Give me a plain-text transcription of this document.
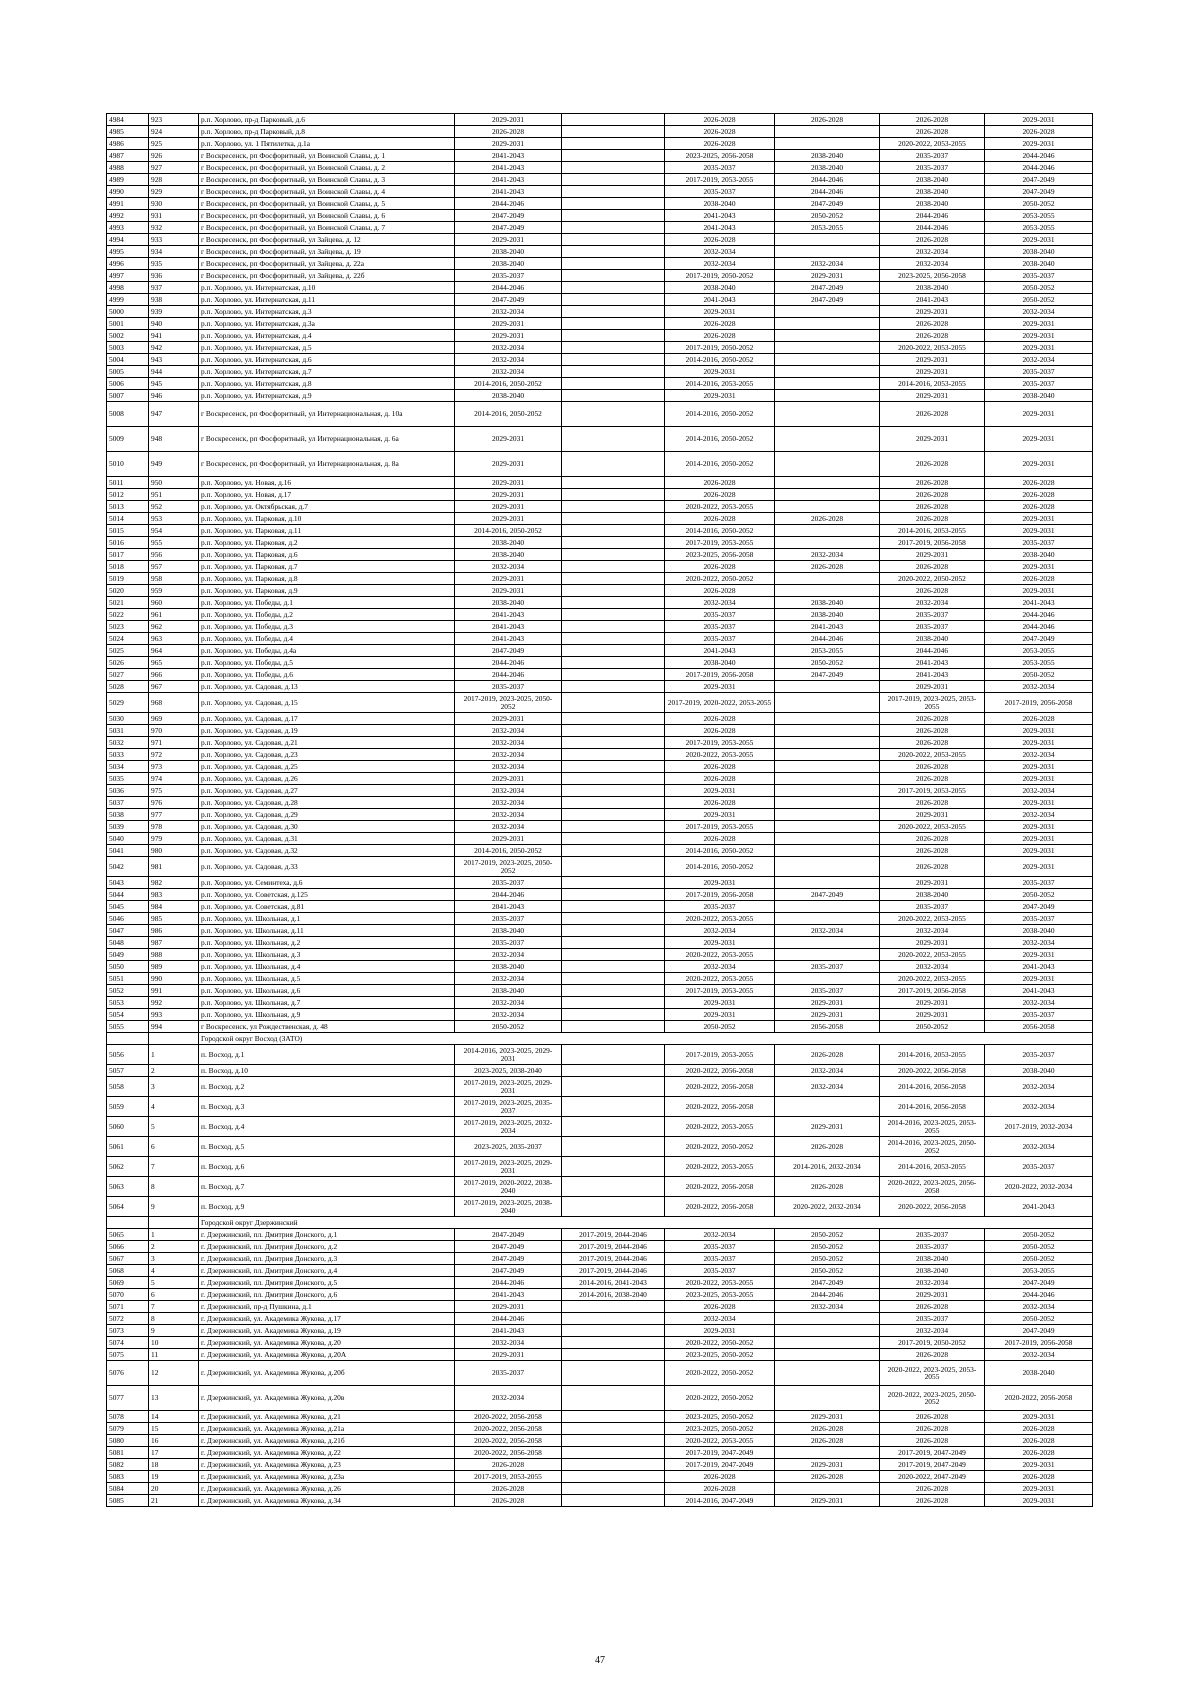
4984	923	р.п. Хорлово, пр-д Парковый, д.6	2029-2031		2026-2028	2026-2028	2026-2028	2029-2031
4985	924	р.п. Хорлово, пр-д Парковый, д.8	2026-2028		2026-2028		2026-2028	2026-2028
4986	925	р.п. Хорлово, ул. 1 Пятилетка, д.1а	2029-2031		2026-2028		2020-2022, 2053-2055	2029-2031
4987	926	г Воскресенск, рп Фосфоритный, ул Воинской Славы, д. 1	2041-2043		2023-2025, 2056-2058	2038-2040	2035-2037	2044-2046
4988	927	г Воскресенск, рп Фосфоритный, ул Воинской Славы, д. 2	2041-2043		2035-2037	2038-2040	2035-2037	2044-2046
4989	928	г Воскресенск, рп Фосфоритный, ул Воинской Славы, д. 3	2041-2043		2017-2019, 2053-2055	2044-2046	2038-2040	2047-2049
4990	929	г Воскресенск, рп Фосфоритный, ул Воинской Славы, д. 4	2041-2043		2035-2037	2044-2046	2038-2040	2047-2049
4991	930	г Воскресенск, рп Фосфоритный, ул Воинской Славы, д. 5	2044-2046		2038-2040	2047-2049	2038-2040	2050-2052
4992	931	г Воскресенск, рп Фосфоритный, ул Воинской Славы, д. 6	2047-2049		2041-2043	2050-2052	2044-2046	2053-2055
4993	932	г Воскресенск, рп Фосфоритный, ул Воинской Славы, д. 7	2047-2049		2041-2043	2053-2055	2044-2046	2053-2055
4994	933	г Воскресенск, рп Фосфоритный, ул Зайцева, д. 12	2029-2031		2026-2028		2026-2028	2029-2031
4995	934	г Воскресенск, рп Фосфоритный, ул Зайцева, д. 19	2038-2040		2032-2034		2032-2034	2038-2040
4996	935	г Воскресенск, рп Фосфоритный, ул Зайцева, д. 22а	2038-2040		2032-2034	2032-2034	2032-2034	2038-2040
4997	936	г Воскресенск, рп Фосфоритный, ул Зайцева, д. 22б	2035-2037		2017-2019, 2050-2052	2029-2031	2023-2025, 2056-2058	2035-2037
4998	937	р.п. Хорлово, ул. Интернатская, д.10	2044-2046		2038-2040	2047-2049	2038-2040	2050-2052
4999	938	р.п. Хорлово, ул. Интернатская, д.11	2047-2049		2041-2043	2047-2049	2041-2043	2050-2052
5000	939	р.п. Хорлово, ул. Интернатская, д.3	2032-2034		2029-2031		2029-2031	2032-2034
5001	940	р.п. Хорлово, ул. Интернатская, д.3а	2029-2031		2026-2028		2026-2028	2029-2031
5002	941	р.п. Хорлово, ул. Интернатская, д.4	2029-2031		2026-2028		2026-2028	2029-2031
5003	942	р.п. Хорлово, ул. Интернатская, д.5	2032-2034		2017-2019, 2050-2052		2020-2022, 2053-2055	2029-2031
5004	943	р.п. Хорлово, ул. Интернатская, д.6	2032-2034		2014-2016, 2050-2052		2029-2031	2032-2034
5005	944	р.п. Хорлово, ул. Интернатская, д.7	2032-2034		2029-2031		2029-2031	2035-2037
5006	945	р.п. Хорлово, ул. Интернатская, д.8	2014-2016, 2050-2052		2014-2016, 2053-2055		2014-2016, 2053-2055	2035-2037
5007	946	р.п. Хорлово, ул. Интернатская, д.9	2038-2040		2029-2031		2029-2031	2038-2040
5008	947	г Воскресенск, рп Фосфоритный, ул Интернациональная, д. 10а	2014-2016, 2050-2052		2014-2016, 2050-2052		2026-2028	2029-2031
5009	948	г Воскресенск, рп Фосфоритный, ул Интернациональная, д. 6а	2029-2031		2014-2016, 2050-2052		2029-2031	2029-2031
5010	949	г Воскресенск, рп Фосфоритный, ул Интернациональная, д. 8а	2029-2031		2014-2016, 2050-2052		2026-2028	2029-2031
5011	950	р.п. Хорлово, ул. Новая, д.16	2029-2031		2026-2028		2026-2028	2026-2028
5012	951	р.п. Хорлово, ул. Новая, д.17	2029-2031		2026-2028		2026-2028	2026-2028
5013	952	р.п. Хорлово, ул. Октябрьская, д.7	2029-2031		2020-2022, 2053-2055		2026-2028	2026-2028
5014	953	р.п. Хорлово, ул. Парковая, д.10	2029-2031		2026-2028	2026-2028	2026-2028	2029-2031
5015	954	р.п. Хорлово, ул. Парковая, д.11	2014-2016, 2050-2052		2014-2016, 2050-2052		2014-2016, 2053-2055	2029-2031
5016	955	р.п. Хорлово, ул. Парковая, д.2	2038-2040		2017-2019, 2053-2055		2017-2019, 2056-2058	2035-2037
5017	956	р.п. Хорлово, ул. Парковая, д.6	2038-2040		2023-2025, 2056-2058	2032-2034	2029-2031	2038-2040
5018	957	р.п. Хорлово, ул. Парковая, д.7	2032-2034		2026-2028	2026-2028	2026-2028	2029-2031
5019	958	р.п. Хорлово, ул. Парковая, д.8	2029-2031		2020-2022, 2050-2052		2020-2022, 2050-2052	2026-2028
5020	959	р.п. Хорлово, ул. Парковая, д.9	2029-2031		2026-2028		2026-2028	2029-2031
5021	960	р.п. Хорлово, ул. Победы, д.1	2038-2040		2032-2034	2038-2040	2032-2034	2041-2043
5022	961	р.п. Хорлово, ул. Победы, д.2	2041-2043		2035-2037	2038-2040	2035-2037	2044-2046
5023	962	р.п. Хорлово, ул. Победы, д.3	2041-2043		2035-2037	2041-2043	2035-2037	2044-2046
5024	963	р.п. Хорлово, ул. Победы, д.4	2041-2043		2035-2037	2044-2046	2038-2040	2047-2049
5025	964	р.п. Хорлово, ул. Победы, д.4а	2047-2049		2041-2043	2053-2055	2044-2046	2053-2055
5026	965	р.п. Хорлово, ул. Победы, д.5	2044-2046		2038-2040	2050-2052	2041-2043	2053-2055
5027	966	р.п. Хорлово, ул. Победы, д.6	2044-2046		2017-2019, 2056-2058	2047-2049	2041-2043	2050-2052
5028	967	р.п. Хорлово, ул. Садовая, д.13	2035-2037		2029-2031		2029-2031	2032-2034
5029	968	р.п. Хорлово, ул. Садовая, д.15	2017-2019, 2023-2025, 2050-2052		2017-2019, 2020-2022, 2053-2055		2017-2019, 2023-2025, 2053-2055	2017-2019, 2056-2058
5030	969	р.п. Хорлово, ул. Садовая, д.17	2029-2031		2026-2028		2026-2028	2026-2028
5031	970	р.п. Хорлово, ул. Садовая, д.19	2032-2034		2026-2028		2026-2028	2029-2031
5032	971	р.п. Хорлово, ул. Садовая, д.21	2032-2034		2017-2019, 2053-2055		2026-2028	2029-2031
5033	972	р.п. Хорлово, ул. Садовая, д.23	2032-2034		2020-2022, 2053-2055		2020-2022, 2053-2055	2032-2034
5034	973	р.п. Хорлово, ул. Садовая, д.25	2032-2034		2026-2028		2026-2028	2029-2031
5035	974	р.п. Хорлово, ул. Садовая, д.26	2029-2031		2026-2028		2026-2028	2029-2031
5036	975	р.п. Хорлово, ул. Садовая, д.27	2032-2034		2029-2031		2017-2019, 2053-2055	2032-2034
5037	976	р.п. Хорлово, ул. Садовая, д.28	2032-2034		2026-2028		2026-2028	2029-2031
5038	977	р.п. Хорлово, ул. Садовая, д.29	2032-2034		2029-2031		2029-2031	2032-2034
5039	978	р.п. Хорлово, ул. Садовая, д.30	2032-2034		2017-2019, 2053-2055		2020-2022, 2053-2055	2029-2031
5040	979	р.п. Хорлово, ул. Садовая, д.31	2029-2031		2026-2028		2026-2028	2029-2031
5041	980	р.п. Хорлово, ул. Садовая, д.32	2014-2016, 2050-2052		2014-2016, 2050-2052		2026-2028	2029-2031
5042	981	р.п. Хорлово, ул. Садовая, д.33	2017-2019, 2023-2025, 2050-2052		2014-2016, 2050-2052		2026-2028	2029-2031
5043	982	р.п. Хорлово, ул. Семинтеха, д.6	2035-2037		2029-2031		2029-2031	2035-2037
5044	983	р.п. Хорлово, ул. Советская, д.125	2044-2046		2017-2019, 2056-2058	2047-2049	2038-2040	2050-2052
5045	984	р.п. Хорлово, ул. Советская, д.81	2041-2043		2035-2037		2035-2037	2047-2049
5046	985	р.п. Хорлово, ул. Школьная, д.1	2035-2037		2020-2022, 2053-2055		2020-2022, 2053-2055	2035-2037
5047	986	р.п. Хорлово, ул. Школьная, д.11	2038-2040		2032-2034	2032-2034	2032-2034	2038-2040
5048	987	р.п. Хорлово, ул. Школьная, д.2	2035-2037		2029-2031		2029-2031	2032-2034
5049	988	р.п. Хорлово, ул. Школьная, д.3	2032-2034		2020-2022, 2053-2055		2020-2022, 2053-2055	2029-2031
5050	989	р.п. Хорлово, ул. Школьная, д.4	2038-2040		2032-2034	2035-2037	2032-2034	2041-2043
5051	990	р.п. Хорлово, ул. Школьная, д.5	2032-2034		2020-2022, 2053-2055		2020-2022, 2053-2055	2029-2031
5052	991	р.п. Хорлово, ул. Школьная, д.6	2038-2040		2017-2019, 2053-2055	2035-2037	2017-2019, 2056-2058	2041-2043
5053	992	р.п. Хорлово, ул. Школьная, д.7	2032-2034		2029-2031	2029-2031	2029-2031	2032-2034
5054	993	р.п. Хорлово, ул. Школьная, д.9	2032-2034		2029-2031	2029-2031	2029-2031	2035-2037
5055	994	г Воскресенск, ул Рождественская, д. 48	2050-2052		2050-2052	2056-2058	2050-2052	2056-2058
		Городской округ Восход (ЗАТО)						
5056	1	п. Восход, д.1	2014-2016, 2023-2025, 2029-2031		2017-2019, 2053-2055	2026-2028	2014-2016, 2053-2055	2035-2037
5057	2	п. Восход, д.10	2023-2025, 2038-2040		2020-2022, 2056-2058	2032-2034	2020-2022, 2056-2058	2038-2040
5058	3	п. Восход, д.2	2017-2019, 2023-2025, 2029-2031		2020-2022, 2056-2058	2032-2034	2014-2016, 2056-2058	2032-2034
5059	4	п. Восход, д.3	2017-2019, 2023-2025, 2035-2037		2020-2022, 2056-2058		2014-2016, 2056-2058	2032-2034
5060	5	п. Восход, д.4	2017-2019, 2023-2025, 2032-2034		2020-2022, 2053-2055	2029-2031	2014-2016, 2023-2025, 2053-2055	2017-2019, 2032-2034
5061	6	п. Восход, д.5	2023-2025, 2035-2037		2020-2022, 2050-2052	2026-2028	2014-2016, 2023-2025, 2050-2052	2032-2034
5062	7	п. Восход, д.6	2017-2019, 2023-2025, 2029-2031		2020-2022, 2053-2055	2014-2016, 2032-2034	2014-2016, 2053-2055	2035-2037
5063	8	п. Восход, д.7	2017-2019, 2020-2022, 2038-2040		2020-2022, 2056-2058	2026-2028	2020-2022, 2023-2025, 2056-2058	2020-2022, 2032-2034
5064	9	п. Восход, д.9	2017-2019, 2023-2025, 2038-2040		2020-2022, 2056-2058	2020-2022, 2032-2034	2020-2022, 2056-2058	2041-2043
		Городской округ Дзержинский						
5065	1	г. Дзержинский, пл. Дмитрия Донского, д.1	2047-2049	2017-2019, 2044-2046	2032-2034	2050-2052	2035-2037	2050-2052
5066	2	г. Дзержинский, пл. Дмитрия Донского, д.2	2047-2049	2017-2019, 2044-2046	2035-2037	2050-2052	2035-2037	2050-2052
5067	3	г. Дзержинский, пл. Дмитрия Донского, д.3	2047-2049	2017-2019, 2044-2046	2035-2037	2050-2052	2038-2040	2050-2052
5068	4	г. Дзержинский, пл. Дмитрия Донского, д.4	2047-2049	2017-2019, 2044-2046	2035-2037	2050-2052	2038-2040	2053-2055
5069	5	г. Дзержинский, пл. Дмитрия Донского, д.5	2044-2046	2014-2016, 2041-2043	2020-2022, 2053-2055	2047-2049	2032-2034	2047-2049
5070	6	г. Дзержинский, пл. Дмитрия Донского, д.6	2041-2043	2014-2016, 2038-2040	2023-2025, 2053-2055	2044-2046	2029-2031	2044-2046
5071	7	г. Дзержинский, пр-д Пушкина, д.1	2029-2031		2026-2028	2032-2034	2026-2028	2032-2034
5072	8	г. Дзержинский, ул. Академика Жукова, д.17	2044-2046		2032-2034		2035-2037	2050-2052
5073	9	г. Дзержинский, ул. Академика Жукова, д.19	2041-2043		2029-2031		2032-2034	2047-2049
5074	10	г. Дзержинский, ул. Академика Жукова, д.20	2032-2034		2020-2022, 2050-2052		2017-2019, 2050-2052	2017-2019, 2056-2058
5075	11	г. Дзержинский, ул. Академика Жукова, д.20А	2029-2031		2023-2025, 2050-2052		2026-2028	2032-2034
5076	12	г. Дзержинский, ул. Академика Жукова, д.20б	2035-2037		2020-2022, 2050-2052		2020-2022, 2023-2025, 2053-2055	2038-2040
5077	13	г. Дзержинский, ул. Академика Жукова, д.20в	2032-2034		2020-2022, 2050-2052		2020-2022, 2023-2025, 2050-2052	2020-2022, 2056-2058
5078	14	г. Дзержинский, ул. Академика Жукова, д.21	2020-2022, 2056-2058		2023-2025, 2050-2052	2029-2031	2026-2028	2029-2031
5079	15	г. Дзержинский, ул. Академика Жукова, д.21а	2020-2022, 2056-2058		2023-2025, 2050-2052	2026-2028	2026-2028	2026-2028
5080	16	г. Дзержинский, ул. Академика Жукова, д.21б	2020-2022, 2056-2058		2020-2022, 2053-2055	2026-2028	2026-2028	2026-2028
5081	17	г. Дзержинский, ул. Академика Жукова, д.22	2020-2022, 2056-2058		2017-2019, 2047-2049		2017-2019, 2047-2049	2026-2028
5082	18	г. Дзержинский, ул. Академика Жукова, д.23	2026-2028		2017-2019, 2047-2049	2029-2031	2017-2019, 2047-2049	2029-2031
5083	19	г. Дзержинский, ул. Академика Жукова, д.23а	2017-2019, 2053-2055		2026-2028	2026-2028	2020-2022, 2047-2049	2026-2028
5084	20	г. Дзержинский, ул. Академика Жукова, д.26	2026-2028		2026-2028		2026-2028	2029-2031
5085	21	г. Дзержинский, ул. Академика Жукова, д.34	2026-2028		2014-2016, 2047-2049	2029-2031	2026-2028	2029-2031
47
